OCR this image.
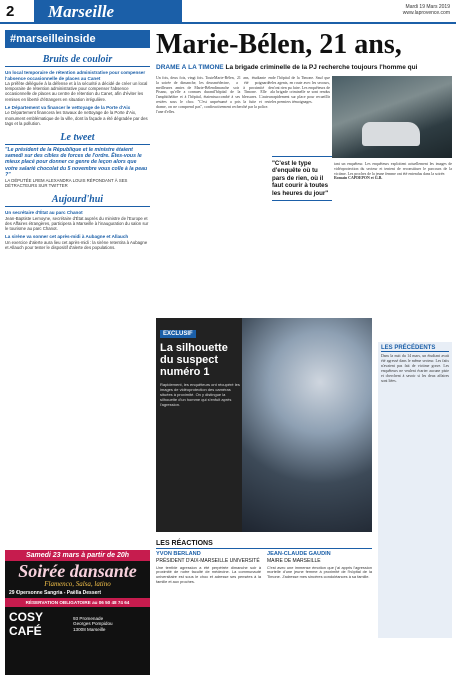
2	Marseille	Mardi 19 Mars 2019
www.laprovence.com
#marseilleinside
Bruits de couloir
Un local temporaire de rétention administrative pour compenser l'absence occasionnelle de places au Canet
La préfète déléguée à la défense et à la sécurité a décidé de créer un local temporaire de rétention administrative pour compenser l'absence occasionnelle de places au centre de rétention du Canet, afin d'éviter les remises en liberté d'étrangers en situation irrégulière.
Le Département va financer le vettoyage de la Porte d'Aix
Le Département financera les travaux de nettoyage de la Porte d'Aix, monument emblématique de la ville, dont la façade a été dégradée par des tags et la pollution.
Le tweet
"Le président de la République et le ministre étaient samedi sur des cibles de forces de l'ordre. Êtes-vous le mieux placé pour donner ce genre de leçon alors que votre salarié chocolat du 5 novembre vous colle à la peau ?"
LA DÉPUTÉE LREM ALEXANDRA LOUIS RÉPONDANT À SES DÉTRACTEURS SUR TWITTER
Aujourd'hui
Un secrétaire d'État au parc Chanot
Jean-Baptiste Lemoyne, secrétaire d'État auprès du ministre de l'Europe et des Affaires étrangères, participera à Marseille à l'inauguration du salon sur le tourisme au parc Chanot.
La sirène va sonner cet après-midi à Aubagne et Allauch
Un exercice d'alerte aura lieu cet après-midi : la sirène retentira à Aubagne et Allauch pour tester le dispositif d'alerte des populations.
Samedi 23 mars à partir de 20h
Soirée dansante
Flamenco, Salsa, latino
29 €/personne Sangria - Paëlla Dessert
RÉSERVATION OBLIGATOIRE au 06 50 48 74 64
COSY CAFÉ
93 Promenade
Georges Pompidou
13008 Marseille
Marie-Bélen, 21 ans,
DRAME À LA TIMONE La brigade criminelle de la PJ recherche toujours l'homme qui
Un fois, deux fois, vingt fois. Toute la soirée de dimanche, les deux meilleures amies de Marie-Bélen Pisano, qu'elle a connues durant l'amphithéâtre et à l'hôpital, étaient restées sous le choc. "C'est un drame, on ne comprend pas", confie l'une d'elles.
Marie-Bélen, 21 ans, étudiante en médecine, a été poignardée dimanche soir à proximité de l'hôpital de la Timone. Elle a succombé à ses blessures. L'auteur présumé a pris la fuite et reste activement recherché par la police.
de l'hôpital de la Timone. Sauf que les agents, en route avec les secours, n'ont rien pu faire. Les enquêteurs de la brigade criminelle se sont rendus rapidement sur place pour recueillir les premiers témoignages.
"C'est le type d'enquête où tu pars de rien, où il faut courir à toutes les heures du jour"
tant un enquêteur. Les enquêteurs exploitent actuellement les images de vidéoprotection du secteur et tentent de reconstituer le parcours de la victime. Les proches de la jeune femme ont été entendus dans la soirée.
Romain CAPDEPON et G.B.
EXCLUSIF
La silhouette du suspect numéro 1
Rapidement, les enquêteurs ont récupéré les images de vidéoprotection des caméras situées à proximité. On y distingue la silhouette d'un homme qui s'enfuit après l'agression.
LES PRÉCÉDENTS
Dans la nuit du 14 mars, un étudiant avait été agressé dans le même secteur. Les faits n'avaient pas fait de victime grave. Les enquêteurs ne veulent écarter aucune piste et cherchent à savoir si les deux affaires sont liées.
LES RÉACTIONS
YVON BERLAND
PRÉSIDENT D'AIX-MARSEILLE UNIVERSITÉ
Une terrible agression a été perpétrée dimanche soir à proximité de notre faculté de médecine. La communauté universitaire est sous le choc et adresse ses pensées à la famille et aux proches.
JEAN-CLAUDE GAUDIN
MAIRE DE MARSEILLE
C'est avec une immense émotion que j'ai appris l'agression mortelle d'une jeune femme à proximité de l'hôpital de la Timone. J'adresse mes sincères condoléances à sa famille.
